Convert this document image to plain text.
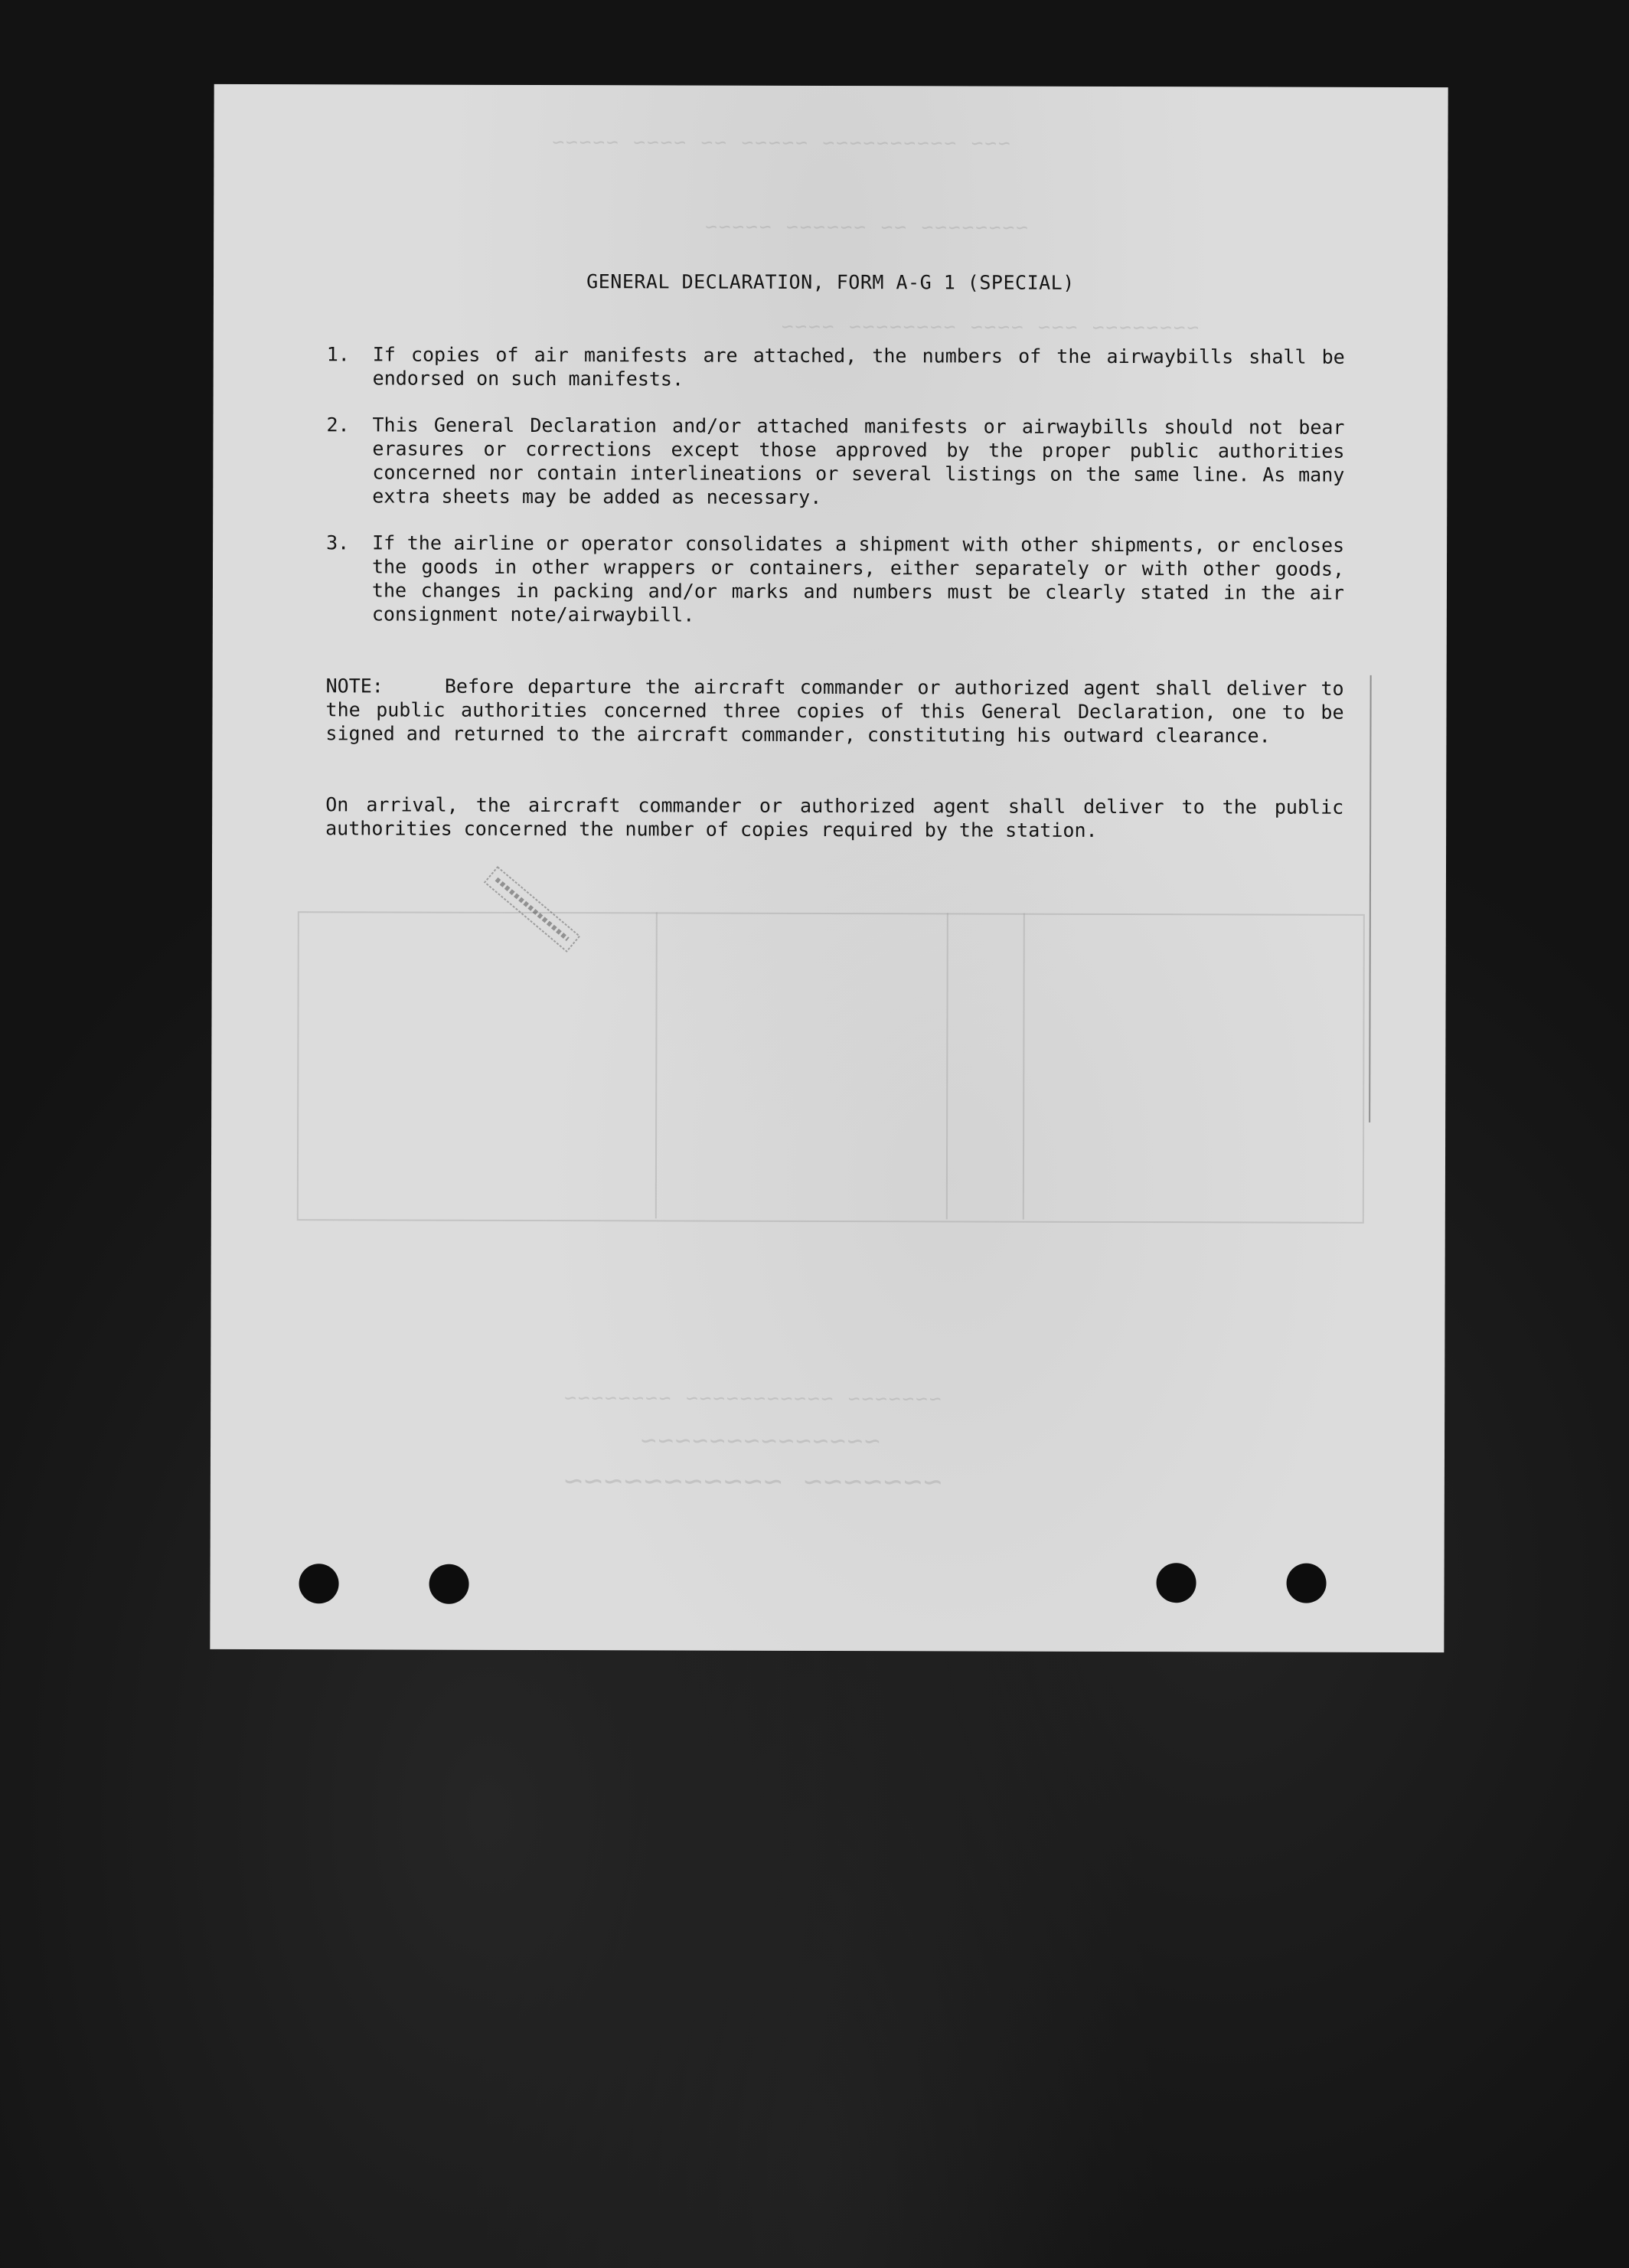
~~~ ~~~~~~~~~~ ~~~~~ ~~ ~~~~ ~~~~~
~~~~~~~~ ~~ ~~~~~~ ~~~~~
~~~~~~~~ ~~~ ~~~~ ~~~~~~~~ ~~~~
~~~~~~~ ~~~~~~~~~~~ ~~~~~~~~
~~~~~~~~~~~~~~
~~~~~~~ ~~~~~~~~~~~
GENERAL DECLARATION, FORM A-G 1 (SPECIAL)
1. If copies of air manifests are attached, the numbers of the airwaybills shall be endorsed on such manifests.
2. This General Declaration and/or attached manifests or airwaybills should not bear erasures or corrections except those approved by the proper public authorities concerned nor contain interlineations or several listings on the same line. As many extra sheets may be added as necessary.
3. If the airline or operator consolidates a shipment with other shipments, or encloses the goods in other wrappers or containers, either separately or with other goods, the changes in packing and/or marks and numbers must be clearly stated in the air consignment note/airwaybill.
NOTE:	Before departure the aircraft commander or authorized agent shall deliver to the public authorities concerned three copies of this General Declaration, one to be signed and returned to the aircraft commander, constituting his outward clearance.
On arrival, the aircraft commander or authorized agent shall deliver to the public authorities concerned the number of copies required by the station.
